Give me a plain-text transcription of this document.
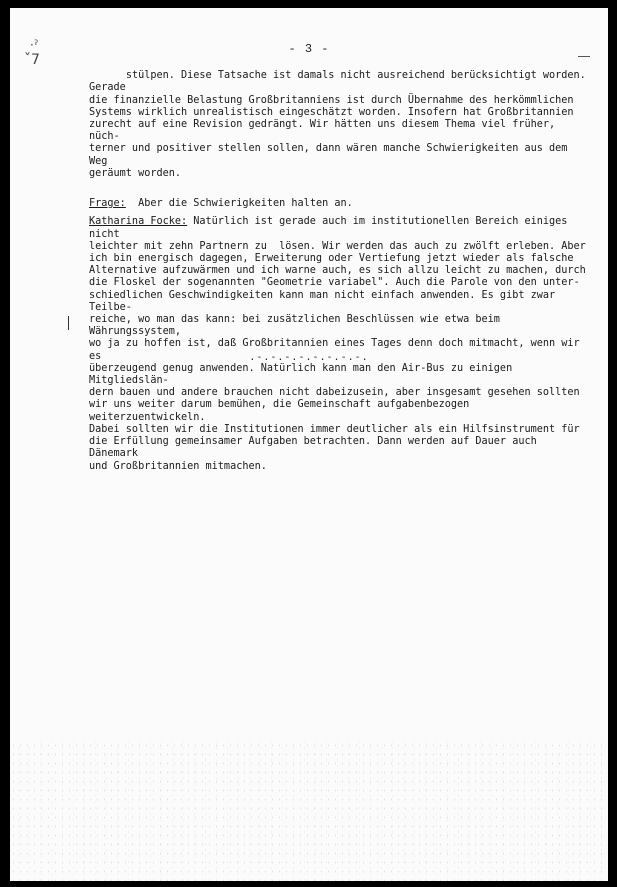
·ˀ
ˇ7
- 3 -

stülpen. Diese Tatsache ist damals nicht ausreichend berücksichtigt worden. Gerade
die finanzielle Belastung Großbritanniens ist durch Übernahme des herkömmlichen
Systems wirklich unrealistisch eingeschätzt worden. Insofern hat Großbritannien
zurecht auf eine Revision gedrängt. Wir hätten uns diesem Thema viel früher, nüch-
terner und positiver stellen sollen, dann wären manche Schwierigkeiten aus dem Weg
geräumt worden.

Frage:  Aber die Schwierigkeiten halten an.

Katharina Focke: Natürlich ist gerade auch im institutionellen Bereich einiges nicht
leichter mit zehn Partnern zu  lösen. Wir werden das auch zu zwölft erleben. Aber
ich bin energisch dagegen, Erweiterung oder Vertiefung jetzt wieder als falsche
Alternative aufzuwärmen und ich warne auch, es sich allzu leicht zu machen, durch
die Floskel der sogenannten "Geometrie variabel". Auch die Parole von den unter-
schiedlichen Geschwindigkeiten kann man nicht einfach anwenden. Es gibt zwar Teilbe-
reiche, wo man das kann: bei zusätzlichen Beschlüssen wie etwa beim Währungssystem,
wo ja zu hoffen ist, daß Großbritannien eines Tages denn doch mitmacht, wenn wir es
überzeugend genug anwenden. Natürlich kann man den Air-Bus zu einigen Mitgliedslän-
dern bauen und andere brauchen nicht dabeizusein, aber insgesamt gesehen sollten
wir uns weiter darum bemühen, die Gemeinschaft aufgabenbezogen weiterzuentwickeln.
Dabei sollten wir die Institutionen immer deutlicher als ein Hilfsinstrument für
die Erfüllung gemeinsamer Aufgaben betrachten. Dann werden auf Dauer auch Dänemark
und Großbritannien mitmachen.

.-.-.-.-.-.-.-.-.
